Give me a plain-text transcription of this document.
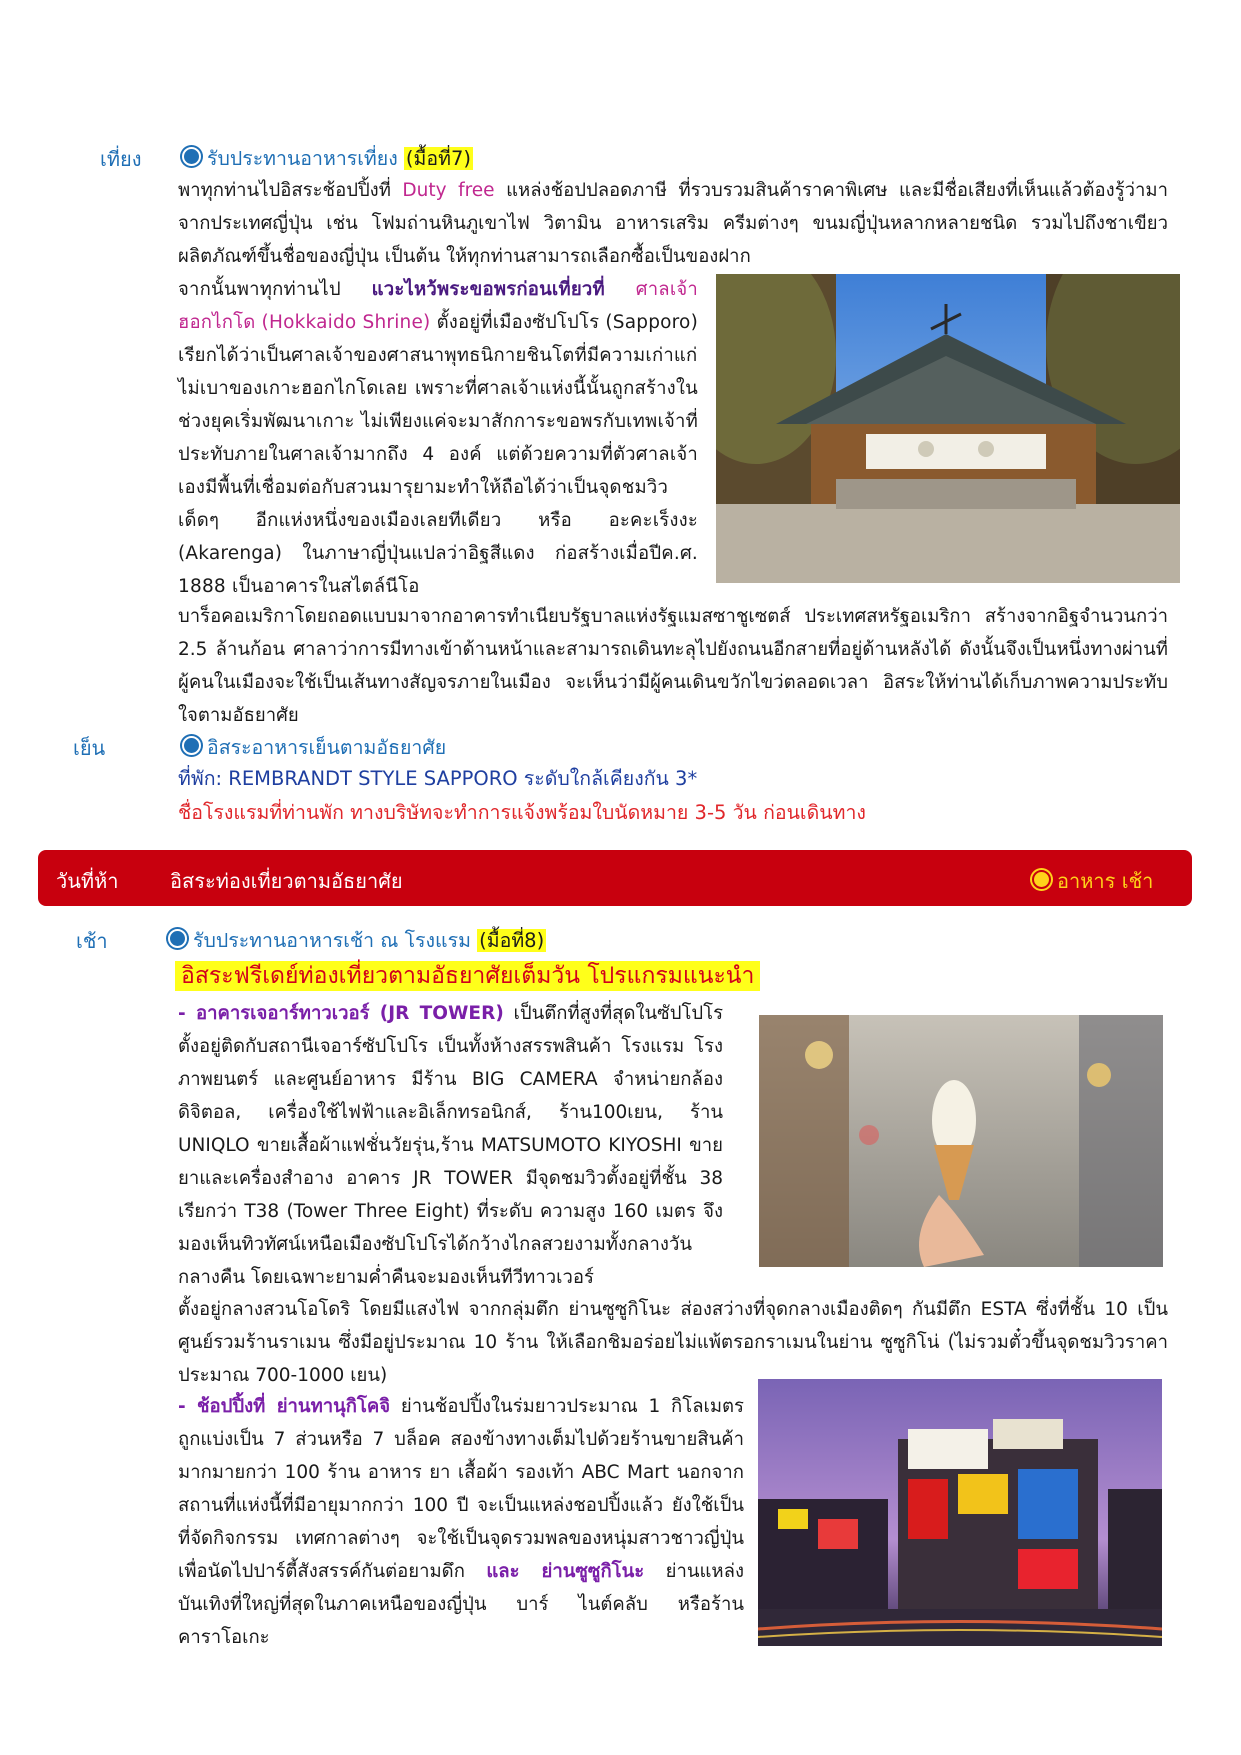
เที่ยง	รับประทานอาหารเที่ยง (มื้อที่7)
พาทุกท่านไปอิสระช้อปปิ้งที่ Duty free แหล่งช้อปปลอดภาษี ที่รวบรวมสินค้าราคาพิเศษ และมีชื่อเสียงที่เห็นแล้วต้องรู้ว่ามาจากประเทศญี่ปุ่น เช่น โฟมถ่านหินภูเขาไฟ วิตามิน อาหารเสริม ครีมต่างๆ ขนมญี่ปุ่นหลากหลายชนิด รวมไปถึงชาเขียว ผลิตภัณฑ์ขึ้นชื่อของญี่ปุ่น เป็นต้น ให้ทุกท่านสามารถเลือกซื้อเป็นของฝาก
จากนั้นพาทุกท่านไป แวะไหว้พระขอพรก่อนเที่ยวที่ ศาลเจ้าฮอกไกโด (Hokkaido Shrine) ตั้งอยู่ที่เมืองซัปโปโร (Sapporo) เรียกได้ว่าเป็นศาลเจ้าของศาสนาพุทธนิกายชินโตที่มีความเก่าแก่ไม่เบาของเกาะฮอกไกโดเลย เพราะที่ศาลเจ้าแห่งนี้นั้นถูกสร้างในช่วงยุคเริ่มพัฒนาเกาะ ไม่เพียงแค่จะมาสักการะขอพรกับเทพเจ้าที่ประทับภายในศาลเจ้ามากถึง 4 องค์ แต่ด้วยความที่ตัวศาลเจ้าเองมีพื้นที่เชื่อมต่อกับสวนมารุยามะทำให้ถือได้ว่าเป็นจุดชมวิวเด็ดๆ อีกแห่งหนึ่งของเมืองเลยทีเดียว หรือ อะคะเร็งงะ (Akarenga) ในภาษาญี่ปุ่นแปลว่าอิฐสีแดง ก่อสร้างเมื่อปีค.ศ. 1888 เป็นอาคารในสไตล์นีโอ
บาร็อคอเมริกาโดยถอดแบบมาจากอาคารทำเนียบรัฐบาลแห่งรัฐแมสซาชูเซตส์ ประเทศสหรัฐอเมริกา สร้างจากอิฐจำนวนกว่า 2.5 ล้านก้อน ศาลาว่าการมีทางเข้าด้านหน้าและสามารถเดินทะลุไปยังถนนอีกสายที่อยู่ด้านหลังได้ ดังนั้นจึงเป็นหนึ่งทางผ่านที่ผู้คนในเมืองจะใช้เป็นเส้นทางสัญจรภายในเมือง จะเห็นว่ามีผู้คนเดินขวักไขว่ตลอดเวลา อิสระให้ท่านได้เก็บภาพความประทับใจตามอัธยาศัย
เย็น	อิสระอาหารเย็นตามอัธยาศัย
ที่พัก: REMBRANDT STYLE SAPPORO ระดับใกล้เคียงกัน 3*
ชื่อโรงแรมที่ท่านพัก ทางบริษัทจะทำการแจ้งพร้อมใบนัดหมาย 3-5 วัน ก่อนเดินทาง
วันที่ห้า	อิสระท่องเที่ยวตามอัธยาศัย	อาหาร เช้า
เช้า	รับประทานอาหารเช้า ณ โรงแรม (มื้อที่8)
อิสระฟรีเดย์ท่องเที่ยวตามอัธยาศัยเต็มวัน โปรแกรมแนะนำ
- อาคารเจอาร์ทาวเวอร์ (JR TOWER) เป็นตึกที่สูงที่สุดในซัปโปโรตั้งอยู่ติดกับสถานีเจอาร์ซัปโปโร เป็นทั้งห้างสรรพสินค้า โรงแรม โรงภาพยนตร์ และศูนย์อาหาร มีร้าน BIG CAMERA จำหน่ายกล้องดิจิตอล, เครื่องใช้ไฟฟ้าและอิเล็กทรอนิกส์, ร้าน100เยน, ร้าน UNIQLO ขายเสื้อผ้าแฟชั่นวัยรุ่น,ร้าน MATSUMOTO KIYOSHI ขายยาและเครื่องสำอาง อาคาร JR TOWER มีจุดชมวิวตั้งอยู่ที่ชั้น 38 เรียกว่า T38 (Tower Three Eight) ที่ระดับ ความสูง 160 เมตร จึงมองเห็นทิวทัศน์เหนือเมืองซัปโปโรได้กว้างไกลสวยงามทั้งกลางวัน กลางคืน โดยเฉพาะยามค่ำคืนจะมองเห็นทีวีทาวเวอร์
ตั้งอยู่กลางสวนโอโดริ โดยมีแสงไฟ จากกลุ่มตึก ย่านซูซูกิโนะ ส่องสว่างที่จุดกลางเมืองติดๆ กันมีตึก ESTA ซึ่งที่ชั้น 10 เป็น ศูนย์รวมร้านราเมน ซึ่งมีอยู่ประมาณ 10 ร้าน ให้เลือกชิมอร่อยไม่แพ้ตรอกราเมนในย่าน ซูซูกิโน่ (ไม่รวมตั๋วขึ้นจุดชมวิวราคาประมาณ 700-1000 เยน)
- ช้อปปิ้งที่ ย่านทานุกิโคจิ ย่านช้อปปิ้งในร่มยาวประมาณ 1 กิโลเมตร ถูกแบ่งเป็น 7 ส่วนหรือ 7 บล็อค สองข้างทางเต็มไปด้วยร้านขายสินค้ามากมายกว่า 100 ร้าน อาหาร ยา เสื้อผ้า รองเท้า ABC Mart นอกจากสถานที่แห่งนี้ที่มีอายุมากกว่า 100 ปี จะเป็นแหล่งชอปปิ้งแล้ว ยังใช้เป็นที่จัดกิจกรรม เทศกาลต่างๆ จะใช้เป็นจุดรวมพลของหนุ่มสาวชาวญี่ปุ่น เพื่อนัดไปปาร์ตี้สังสรรค์กันต่อยามดึก และ ย่านซูซูกิโนะ ย่านแหล่งบันเทิงที่ใหญ่ที่สุดในภาคเหนือของญี่ปุ่น บาร์ ไนต์คลับ หรือร้านคาราโอเกะ
